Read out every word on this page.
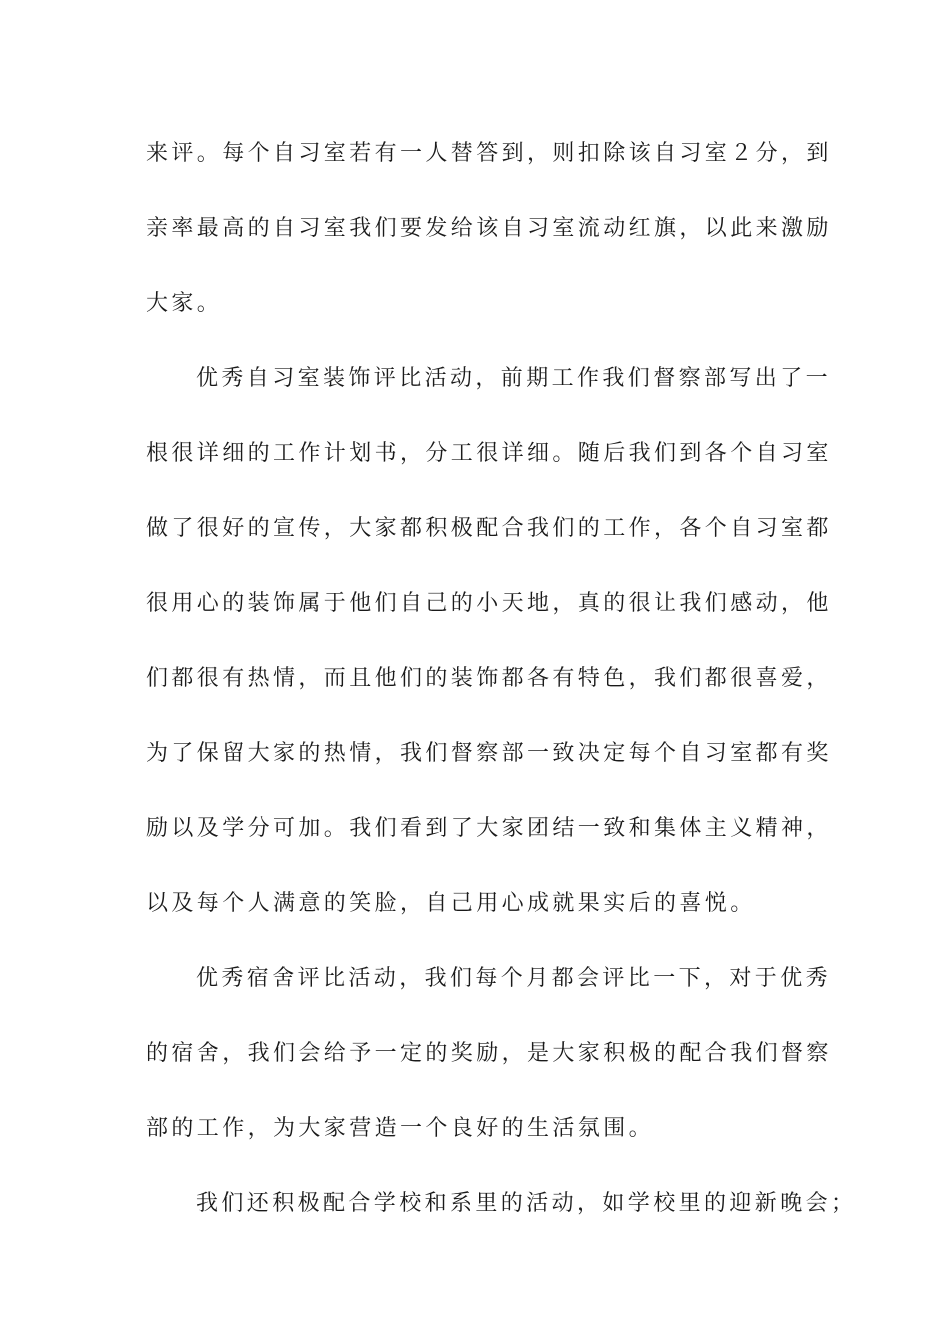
来评。每个自习室若有一人替答到，则扣除该自习室２分，到
亲率最高的自习室我们要发给该自习室流动红旗，以此来激励
大家。
优秀自习室装饰评比活动，前期工作我们督察部写出了一
根很详细的工作计划书，分工很详细。随后我们到各个自习室
做了很好的宣传，大家都积极配合我们的工作，各个自习室都
很用心的装饰属于他们自己的小天地，真的很让我们感动，他
们都很有热情，而且他们的装饰都各有特色，我们都很喜爱，
为了保留大家的热情，我们督察部一致决定每个自习室都有奖
励以及学分可加。我们看到了大家团结一致和集体主义精神，
以及每个人满意的笑脸，自己用心成就果实后的喜悦。
优秀宿舍评比活动，我们每个月都会评比一下，对于优秀
的宿舍，我们会给予一定的奖励，是大家积极的配合我们督察
部的工作，为大家营造一个良好的生活氛围。
我们还积极配合学校和系里的活动，如学校里的迎新晚会；
